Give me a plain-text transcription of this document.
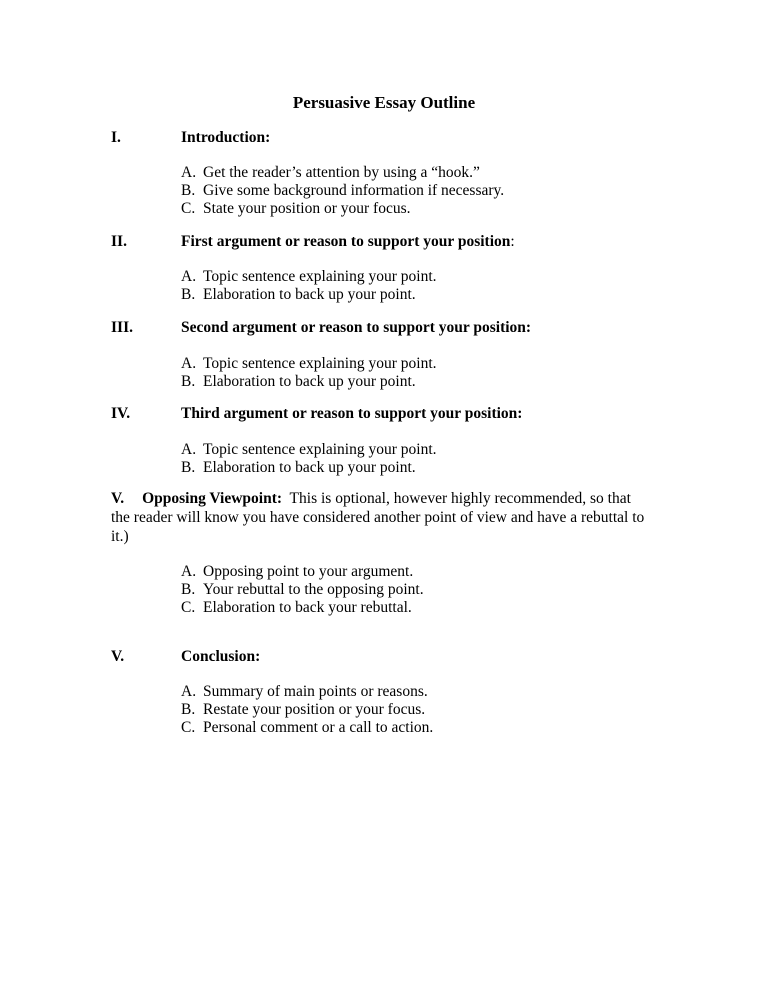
Persuasive Essay Outline
I.	Introduction:
A. Get the reader’s attention by using a “hook.”
B. Give some background information if necessary.
C. State your position or your focus.
II.	First argument or reason to support your position:
A. Topic sentence explaining your point.
B. Elaboration to back up your point.
III.	Second argument or reason to support your position:
A. Topic sentence explaining your point.
B. Elaboration to back up your point.
IV.	Third argument or reason to support your position:
A. Topic sentence explaining your point.
B. Elaboration to back up your point.
V. Opposing Viewpoint: This is optional, however highly recommended, so that the reader will know you have considered another point of view and have a rebuttal to it.)
A. Opposing point to your argument.
B. Your rebuttal to the opposing point.
C. Elaboration to back your rebuttal.
V.	Conclusion:
A. Summary of main points or reasons.
B. Restate your position or your focus.
C. Personal comment or a call to action.
